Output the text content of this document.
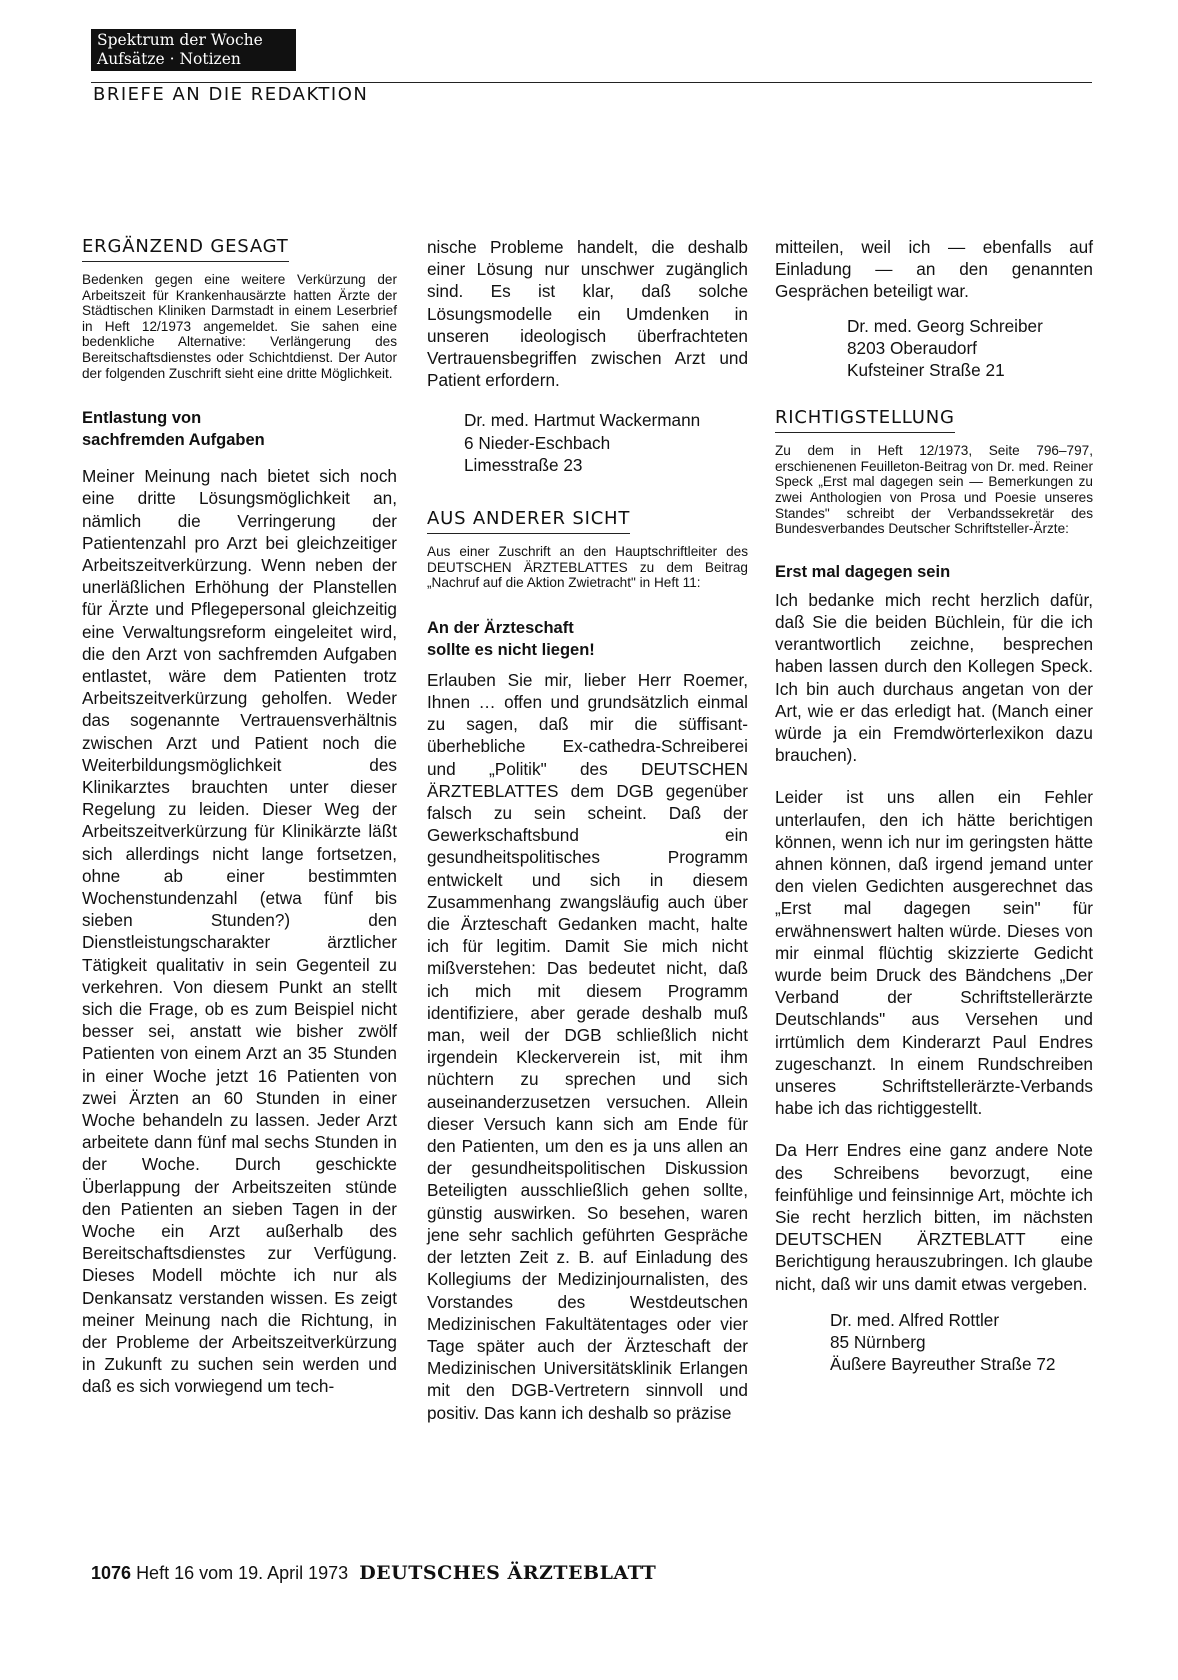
Spektrum der Woche
Aufsätze · Notizen
BRIEFE AN DIE REDAKTION
ERGÄNZEND GESAGT

Bedenken gegen eine weitere Verkürzung der Arbeitszeit für Krankenhausärzte hatten Ärzte der Städtischen Kliniken Darmstadt in einem Leserbrief in Heft 12/1973 angemeldet. Sie sahen eine bedenkliche Alternative: Verlängerung des Bereitschaftsdienstes oder Schichtdienst. Der Autor der folgenden Zuschrift sieht eine dritte Möglichkeit.

Entlastung von

sachfremden Aufgaben

Meiner Meinung nach bietet sich noch eine dritte Lösungsmöglichkeit an, nämlich die Verringerung der Patientenzahl pro Arzt bei gleichzeitiger Arbeitszeitverkürzung. Wenn neben der unerläßlichen Erhöhung der Planstellen für Ärzte und Pflegepersonal gleichzeitig eine Verwaltungsreform eingeleitet wird, die den Arzt von sachfremden Aufgaben entlastet, wäre dem Patienten trotz Arbeitszeitverkürzung geholfen. Weder das sogenannte Vertrauensverhältnis zwischen Arzt und Patient noch die Weiterbildungsmöglichkeit des Klinikarztes brauchten unter dieser Regelung zu leiden. Dieser Weg der Arbeitszeitverkürzung für Klinikärzte läßt sich allerdings nicht lange fortsetzen, ohne ab einer bestimmten Wochenstundenzahl (etwa fünf bis sieben Stunden?) den Dienstleistungscharakter ärztlicher Tätigkeit qualitativ in sein Gegenteil zu verkehren. Von diesem Punkt an stellt sich die Frage, ob es zum Beispiel nicht besser sei, anstatt wie bisher zwölf Patienten von einem Arzt an 35 Stunden in einer Woche jetzt 16 Patienten von zwei Ärzten an 60 Stunden in einer Woche behandeln zu lassen. Jeder Arzt arbeitete dann fünf mal sechs Stunden in der Woche. Durch geschickte Überlappung der Arbeitszeiten stünde den Patienten an sieben Tagen in der Woche ein Arzt außerhalb des Bereitschaftsdienstes zur Verfügung. Dieses Modell möchte ich nur als Denkansatz verstanden wissen. Es zeigt meiner Meinung nach die Richtung, in der Probleme der Arbeitszeitverkürzung in Zukunft zu suchen sein werden und daß es sich vorwiegend um tech-

nische Probleme handelt, die deshalb einer Lösung nur unschwer zugänglich sind. Es ist klar, daß solche Lösungsmodelle ein Umdenken in unseren ideologisch überfrachteten Vertrauensbegriffen zwischen Arzt und Patient erfordern.

Dr. med. Hartmut Wackermann
6 Nieder-Eschbach
Limesstraße 23
AUS ANDERER SICHT

Aus einer Zuschrift an den Hauptschriftleiter des DEUTSCHEN ÄRZTEBLATTES zu dem Beitrag „Nachruf auf die Aktion Zwietracht" in Heft 11:

An der Ärzteschaft

sollte es nicht liegen!

Erlauben Sie mir, lieber Herr Roemer, Ihnen … offen und grundsätzlich einmal zu sagen, daß mir die süffisant-überhebliche Ex-cathedra-Schreiberei und „Politik" des DEUTSCHEN ÄRZTEBLATTES dem DGB gegenüber falsch zu sein scheint. Daß der Gewerkschaftsbund ein gesundheitspolitisches Programm entwickelt und sich in diesem Zusammenhang zwangsläufig auch über die Ärzteschaft Gedanken macht, halte ich für legitim. Damit Sie mich nicht mißverstehen: Das bedeutet nicht, daß ich mich mit diesem Programm identifiziere, aber gerade deshalb muß man, weil der DGB schließlich nicht irgendein Kleckerverein ist, mit ihm nüchtern zu sprechen und sich auseinanderzusetzen versuchen. Allein dieser Versuch kann sich am Ende für den Patienten, um den es ja uns allen an der gesundheitspolitischen Diskussion Beteiligten ausschließlich gehen sollte, günstig auswirken. So besehen, waren jene sehr sachlich geführten Gespräche der letzten Zeit z. B. auf Einladung des Kollegiums der Medizinjournalisten, des Vorstandes des Westdeutschen Medizinischen Fakultätentages oder vier Tage später auch der Ärzteschaft der Medizinischen Universitätsklinik Erlangen mit den DGB-Vertretern sinnvoll und positiv. Das kann ich deshalb so präzise

mitteilen, weil ich — ebenfalls auf Einladung — an den genannten Gesprächen beteiligt war.

Dr. med. Georg Schreiber
8203 Oberaudorf
Kufsteiner Straße 21
RICHTIGSTELLUNG

Zu dem in Heft 12/1973, Seite 796–797, erschienenen Feuilleton-Beitrag von Dr. med. Reiner Speck „Erst mal dagegen sein — Bemerkungen zu zwei Anthologien von Prosa und Poesie unseres Standes" schreibt der Verbandssekretär des Bundesverbandes Deutscher Schriftsteller-Ärzte:

Erst mal dagegen sein

Ich bedanke mich recht herzlich dafür, daß Sie die beiden Büchlein, für die ich verantwortlich zeichne, besprechen haben lassen durch den Kollegen Speck. Ich bin auch durchaus angetan von der Art, wie er das erledigt hat. (Manch einer würde ja ein Fremdwörterlexikon dazu brauchen).

Leider ist uns allen ein Fehler unterlaufen, den ich hätte berichtigen können, wenn ich nur im geringsten hätte ahnen können, daß irgend jemand unter den vielen Gedichten ausgerechnet das „Erst mal dagegen sein" für erwähnenswert halten würde. Dieses von mir einmal flüchtig skizzierte Gedicht wurde beim Druck des Bändchens „Der Verband der Schriftstellerärzte Deutschlands" aus Versehen und irrtümlich dem Kinderarzt Paul Endres zugeschanzt. In einem Rundschreiben unseres Schriftstellerärzte-Verbands habe ich das richtiggestellt.

Da Herr Endres eine ganz andere Note des Schreibens bevorzugt, eine feinfühlige und feinsinnige Art, möchte ich Sie recht herzlich bitten, im nächsten DEUTSCHEN ÄRZTEBLATT eine Berichtigung herauszubringen. Ich glaube nicht, daß wir uns damit etwas vergeben.

Dr. med. Alfred Rottler
85 Nürnberg
Äußere Bayreuther Straße 72
1076 Heft 16 vom 19. April 1973 DEUTSCHES ÄRZTEBLATT
